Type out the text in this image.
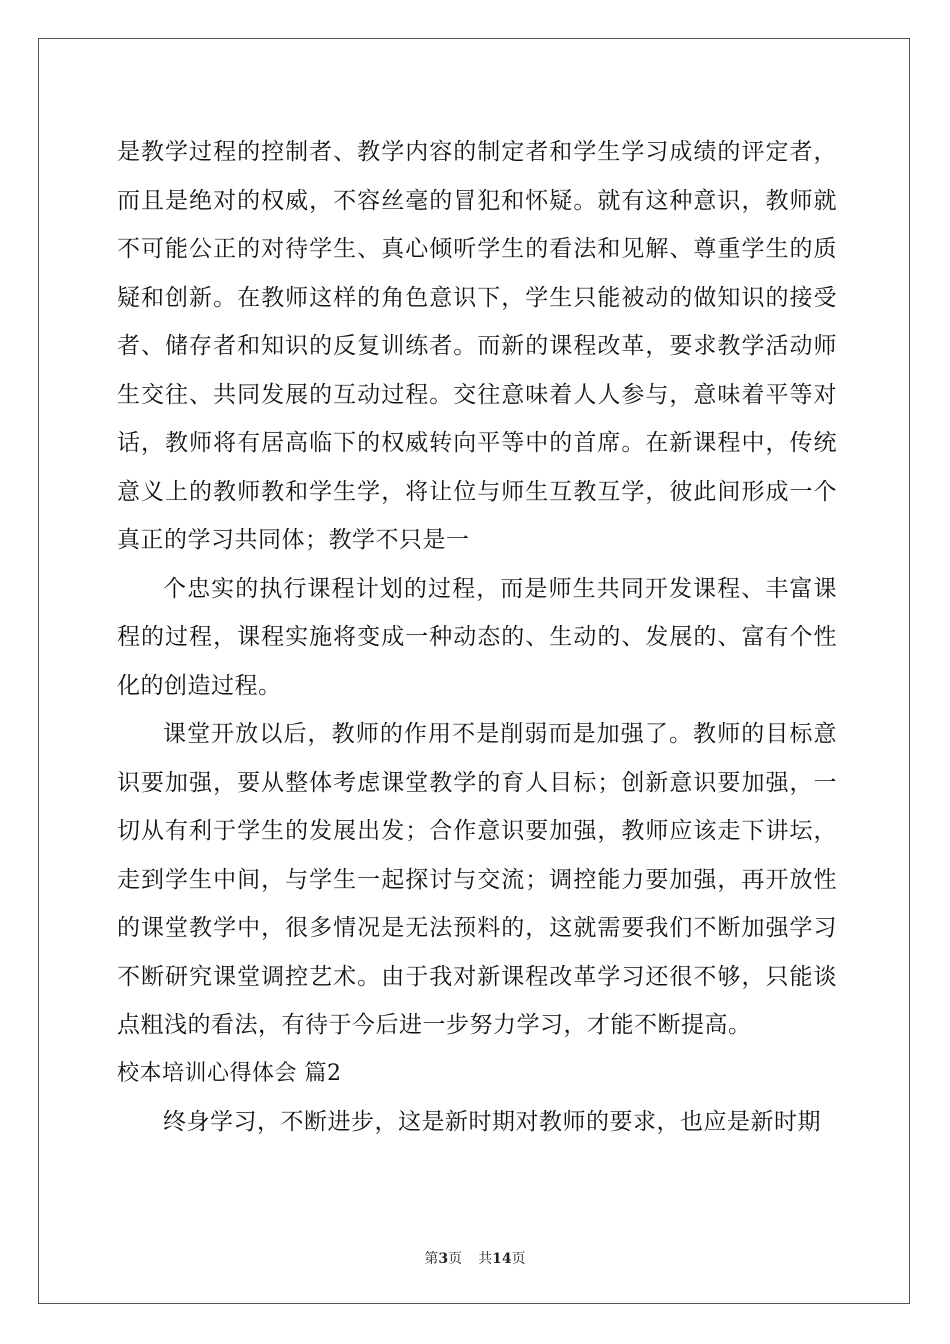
是教学过程的控制者、教学内容的制定者和学生学习成绩的评定者，而且是绝对的权威，不容丝毫的冒犯和怀疑。就有这种意识，教师就不可能公正的对待学生、真心倾听学生的看法和见解、尊重学生的质疑和创新。在教师这样的角色意识下，学生只能被动的做知识的接受者、储存者和知识的反复训练者。而新的课程改革，要求教学活动师生交往、共同发展的互动过程。交往意味着人人参与，意味着平等对话，教师将有居高临下的权威转向平等中的首席。在新课程中，传统意义上的教师教和学生学，将让位与师生互教互学，彼此间形成一个真正的学习共同体；教学不只是一

个忠实的执行课程计划的过程，而是师生共同开发课程、丰富课程的过程，课程实施将变成一种动态的、生动的、发展的、富有个性化的创造过程。

课堂开放以后，教师的作用不是削弱而是加强了。教师的目标意识要加强，要从整体考虑课堂教学的育人目标；创新意识要加强，一切从有利于学生的发展出发；合作意识要加强，教师应该走下讲坛，走到学生中间，与学生一起探讨与交流；调控能力要加强，再开放性的课堂教学中，很多情况是无法预料的，这就需要我们不断加强学习不断研究课堂调控艺术。由于我对新课程改革学习还很不够，只能谈点粗浅的看法，有待于今后进一步努力学习，才能不断提高。

校本培训心得体会 篇2

终身学习，不断进步，这是新时期对教师的要求，也应是新时期

第3页 共14页
